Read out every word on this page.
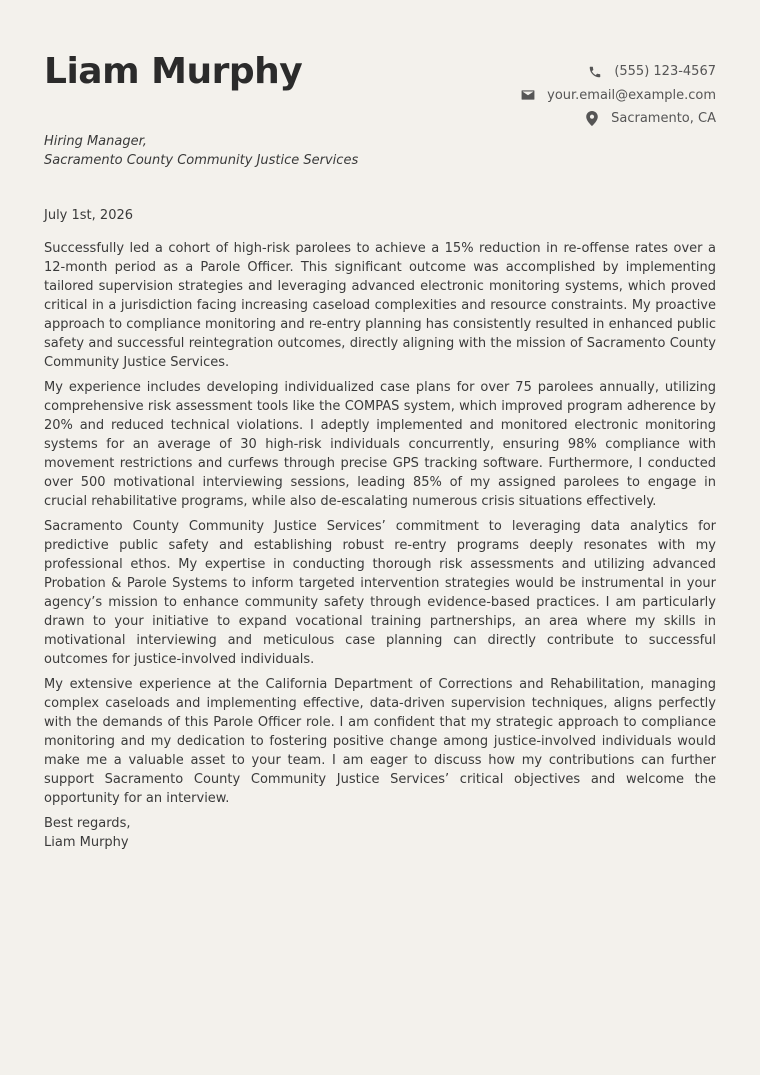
Liam Murphy	(555) 123-4567
your.email@example.com
Sacramento, CA
Hiring Manager,
Sacramento County Community Justice Services
July 1st, 2026

Successfully led a cohort of high-risk parolees to achieve a 15% reduction in re-offense rates over a 12-month period as a Parole Officer. This significant outcome was accomplished by implementing tailored supervision strategies and leveraging advanced electronic monitoring systems, which proved critical in a jurisdiction facing increasing caseload complexities and resource constraints. My proactive approach to compliance monitoring and re-entry planning has consistently resulted in enhanced public safety and successful reintegration outcomes, directly aligning with the mission of Sacramento County Community Justice Services.

My experience includes developing individualized case plans for over 75 parolees annually, utilizing comprehensive risk assessment tools like the COMPAS system, which improved program adherence by 20% and reduced technical violations. I adeptly implemented and monitored electronic monitoring systems for an average of 30 high-risk individuals concurrently, ensuring 98% compliance with movement restrictions and curfews through precise GPS tracking software. Furthermore, I conducted over 500 motivational interviewing sessions, leading 85% of my assigned parolees to engage in crucial rehabilitative programs, while also de-escalating numerous crisis situations effectively.

Sacramento County Community Justice Services’ commitment to leveraging data analytics for predictive public safety and establishing robust re-entry programs deeply resonates with my professional ethos. My expertise in conducting thorough risk assessments and utilizing advanced Probation & Parole Systems to inform targeted intervention strategies would be instrumental in your agency’s mission to enhance community safety through evidence-based practices. I am particularly drawn to your initiative to expand vocational training partnerships, an area where my skills in motivational interviewing and meticulous case planning can directly contribute to successful outcomes for justice-involved individuals.

My extensive experience at the California Department of Corrections and Rehabilitation, managing complex caseloads and implementing effective, data-driven supervision techniques, aligns perfectly with the demands of this Parole Officer role. I am confident that my strategic approach to compliance monitoring and my dedication to fostering positive change among justice-involved individuals would make me a valuable asset to your team. I am eager to discuss how my contributions can further support Sacramento County Community Justice Services’ critical objectives and welcome the opportunity for an interview.

Best regards,
Liam Murphy
